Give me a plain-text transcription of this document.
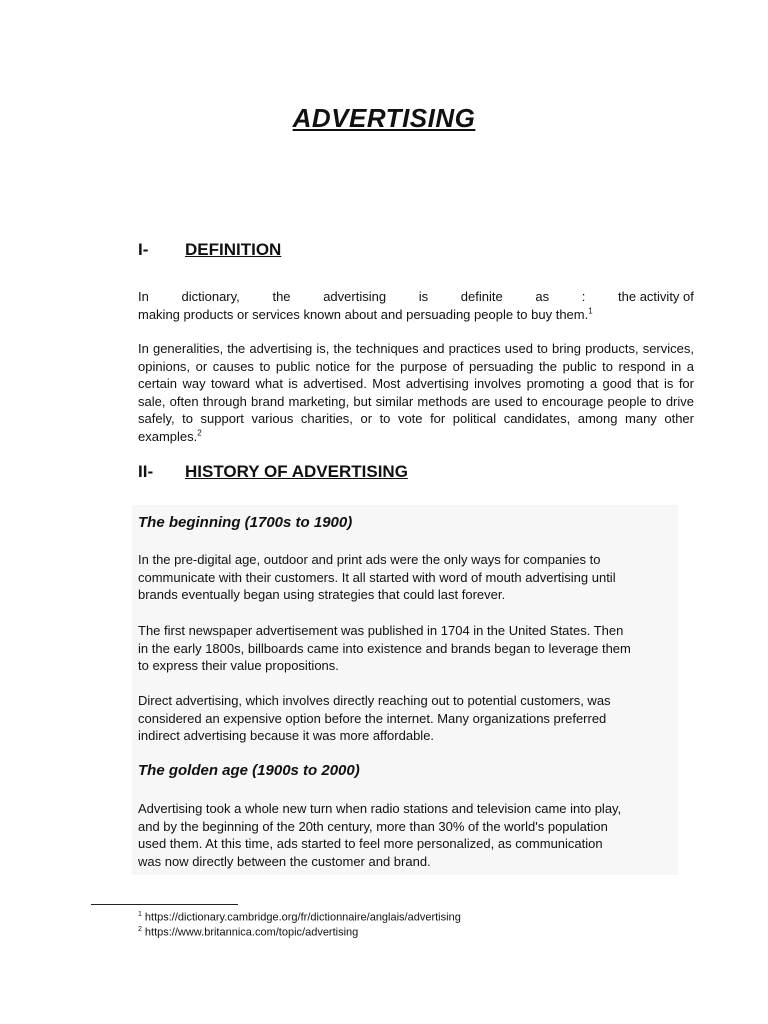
ADVERTISING
I- DEFINITION
In	dictionary,	the	advertising	is	definite	as	:	the activity of
making products or services known about and persuading people to buy them.$^1$

In generalities, the advertising is, the techniques and practices used to bring products, services, opinions, or causes to public notice for the purpose of persuading the public to respond in a certain way toward what is advertised. Most advertising involves promoting a good that is for sale, often through brand marketing, but similar methods are used to encourage people to drive safely, to support various charities, or to vote for political candidates, among many other examples.$^2$

II- HISTORY OF ADVERTISING
The beginning (1700s to 1900)

In the pre-digital age, outdoor and print ads were the only ways for companies to
communicate with their customers. It all started with word of mouth advertising until
brands eventually began using strategies that could last forever.

The first newspaper advertisement was published in 1704 in the United States. Then
in the early 1800s, billboards came into existence and brands began to leverage them
to express their value propositions.

Direct advertising, which involves directly reaching out to potential customers, was
considered an expensive option before the internet. Many organizations preferred
indirect advertising because it was more affordable.

The golden age (1900s to 2000)

Advertising took a whole new turn when radio stations and television came into play,
and by the beginning of the 20th century, more than 30% of the world's population
used them. At this time, ads started to feel more personalized, as communication
was now directly between the customer and brand.

$^1$ https://dictionary.cambridge.org/fr/dictionnaire/anglais/advertising
$^2$ https://www.britannica.com/topic/advertising
